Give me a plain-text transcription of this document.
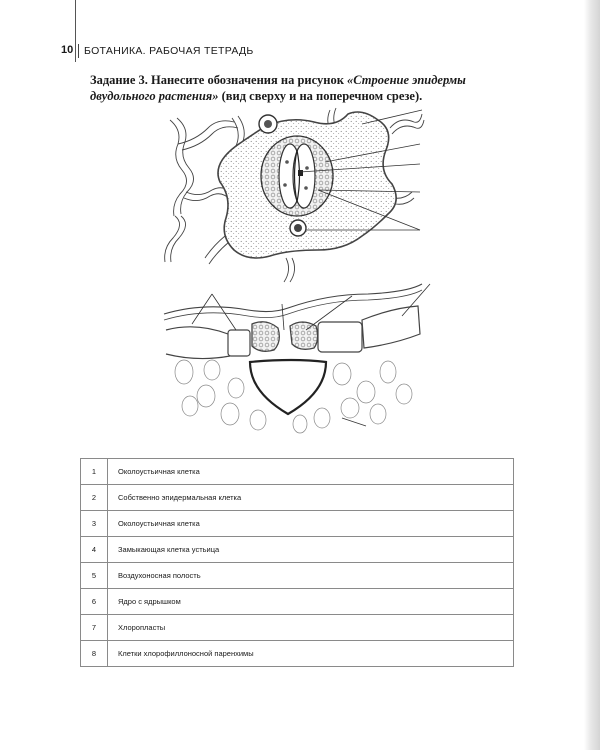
10 БОТАНИКА. РАБОЧАЯ ТЕТРАДЬ
Задание 3. Нанесите обозначения на рисунок «Строение эпидермы двудольного растения» (вид сверху и на поперечном срезе).
1	Околоустьичная клетка
2	Собственно эпидермальная клетка
3	Околоустьичная клетка
4	Замыкающая клетка устьица
5	Воздухоносная полость
6	Ядро с ядрышком
7	Хлоропласты
8	Клетки хлорофиллоносной паренхимы
